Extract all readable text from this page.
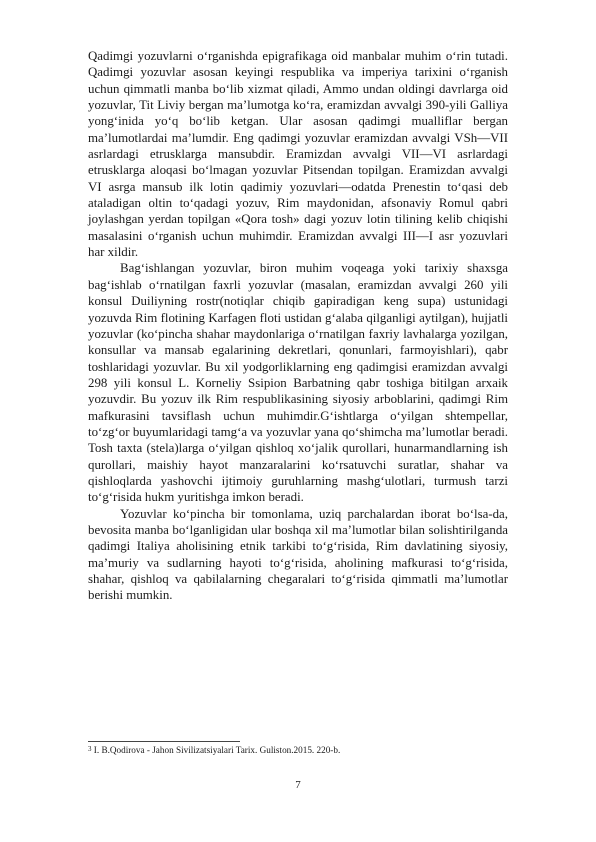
Qadimgi yozuvlarni o‘rganishda epigrafikaga oid manbalar muhim o‘rin tutadi. Qadimgi yozuvlar asosan keyingi respublika va imperiya tarixini o‘rganish uchun qimmatli manba bo‘lib xizmat qiladi, Ammo undan oldingi davrlarga oid yozuvlar, Tit Liviy bergan ma’lumotga ko‘ra, eramizdan avvalgi 390-yili Galliya yong‘inida yo‘q bo‘lib ketgan. Ular asosan qadimgi mualliflar bergan ma’lumotlardai ma’lumdir. Eng qadimgi yozuvlar eramizdan avvalgi VSh—VII asrlardagi etrusklarga mansubdir. Eramizdan avvalgi VII—VI asrlardagi etrusklarga aloqasi bo‘lmagan yozuvlar Pitsendan topilgan. Eramizdan avvalgi VI asrga mansub ilk lotin qadimiy yozuvlari—odatda Prenestin to‘qasi deb ataladigan oltin to‘qadagi yozuv, Rim maydonidan, afsonaviy Romul qabri joylashgan yerdan topilgan «Qora tosh» dagi yozuv lotin tilining kelib chiqishi masalasini o‘rganish uchun muhimdir. Eramizdan avvalgi III—I asr yozuvlari har xildir.

Bag‘ishlangan yozuvlar, biron muhim voqeaga yoki tarixiy shaxsga bag‘ishlab o‘rnatilgan faxrli yozuvlar (masalan, eramizdan avvalgi 260 yili konsul Duiliyning rostr(notiqlar chiqib gapiradigan keng supa) ustunidagi yozuvda Rim flotining Karfagen floti ustidan g‘alaba qilganligi aytilgan), hujjatli yozuvlar (ko‘pincha shahar maydonlariga o‘rnatilgan faxriy lavhalarga yozilgan, konsullar va mansab egalarining dekretlari, qonunlari, farmoyishlari), qabr toshlaridagi yozuvlar. Bu xil yodgorliklarning eng qadimgisi eramizdan avvalgi 298 yili konsul L. Korneliy Ssipion Barbatning qabr toshiga bitilgan arxaik yozuvdir. Bu yozuv ilk Rim respublikasining siyosiy arboblarini, qadimgi Rim mafkurasini tavsiflash uchun muhimdir.G‘ishtlarga o‘yilgan shtempellar, to‘zg‘or buyumlaridagi tamg‘a va yozuvlar yana qo‘shimcha ma’lumotlar beradi. Tosh taxta (stela)larga o‘yilgan qishloq xo‘jalik qurollari, hunarmandlarning ish qurollari, maishiy hayot manzaralarini ko‘rsatuvchi suratlar, shahar va qishloqlarda yashovchi ijtimoiy guruhlarning mashg‘ulotlari, turmush tarzi to‘g‘risida hukm yuritishga imkon beradi.

Yozuvlar ko‘pincha bir tomonlama, uziq parchalardan iborat bo‘lsa-da, bevosita manba bo‘lganligidan ular boshqa xil ma’lumotlar bilan solishtirilganda qadimgi Italiya aholisining etnik tarkibi to‘g‘risida, Rim davlatining siyosiy, ma’muriy va sudlarning hayoti to‘g‘risida, aholining mafkurasi to‘g‘risida, shahar, qishloq va qabilalarning chegaralari to‘g‘risida qimmatli ma’lumotlar berishi mumkin.

$^3$ I. B.Qodirova - Jahon Sivilizatsiyalari Tarix. Guliston.2015. 220-b.
7
